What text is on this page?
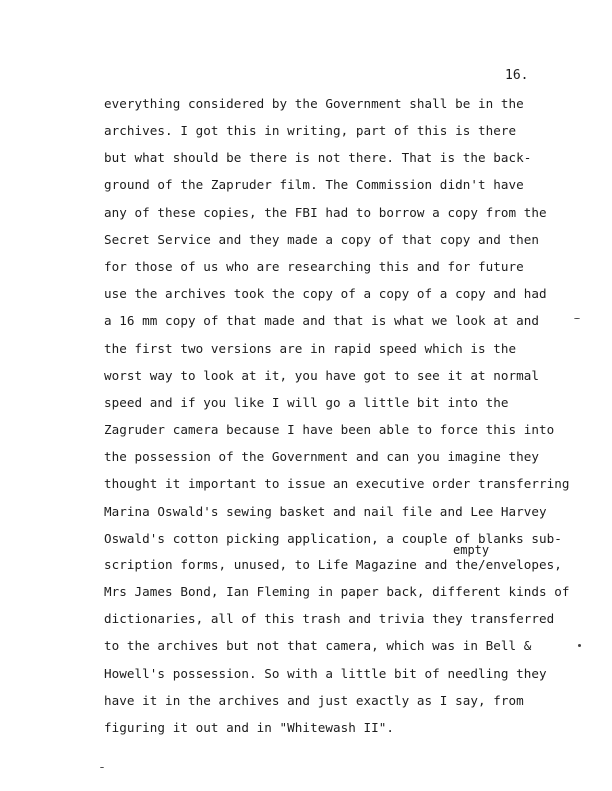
16.
everything considered by the Government shall be in the
archives. I got this in writing, part of this is there
but what should be there is not there. That is the back-
ground of the Zapruder film. The Commission didn't have
any of these copies, the FBI had to borrow a copy from the
Secret Service and they made a copy of that copy and then
for those of us who are researching this and for future
use the archives took the copy of a copy of a copy and had
a 16 mm copy of that made and that is what we look at and
the first two versions are in rapid speed which is the
worst way to look at it, you have got to see it at normal
speed and if you like I will go a little bit into the
Zagruder camera because I have been able to force this into
the possession of the Government and can you imagine they
thought it important to issue an executive order transferring
Marina Oswald's sewing basket and nail file and Lee Harvey
Oswald's cotton picking application, a couple of blanks sub-
empty
scription forms, unused, to Life Magazine and the/envelopes,
Mrs James Bond, Ian Fleming in paper back, different kinds of
dictionaries, all of this trash and trivia they transferred
to the archives but not that camera, which was in Bell &
Howell's possession. So with a little bit of needling they
have it in the archives and just exactly as I say, from
figuring it out and in "Whitewash II".
